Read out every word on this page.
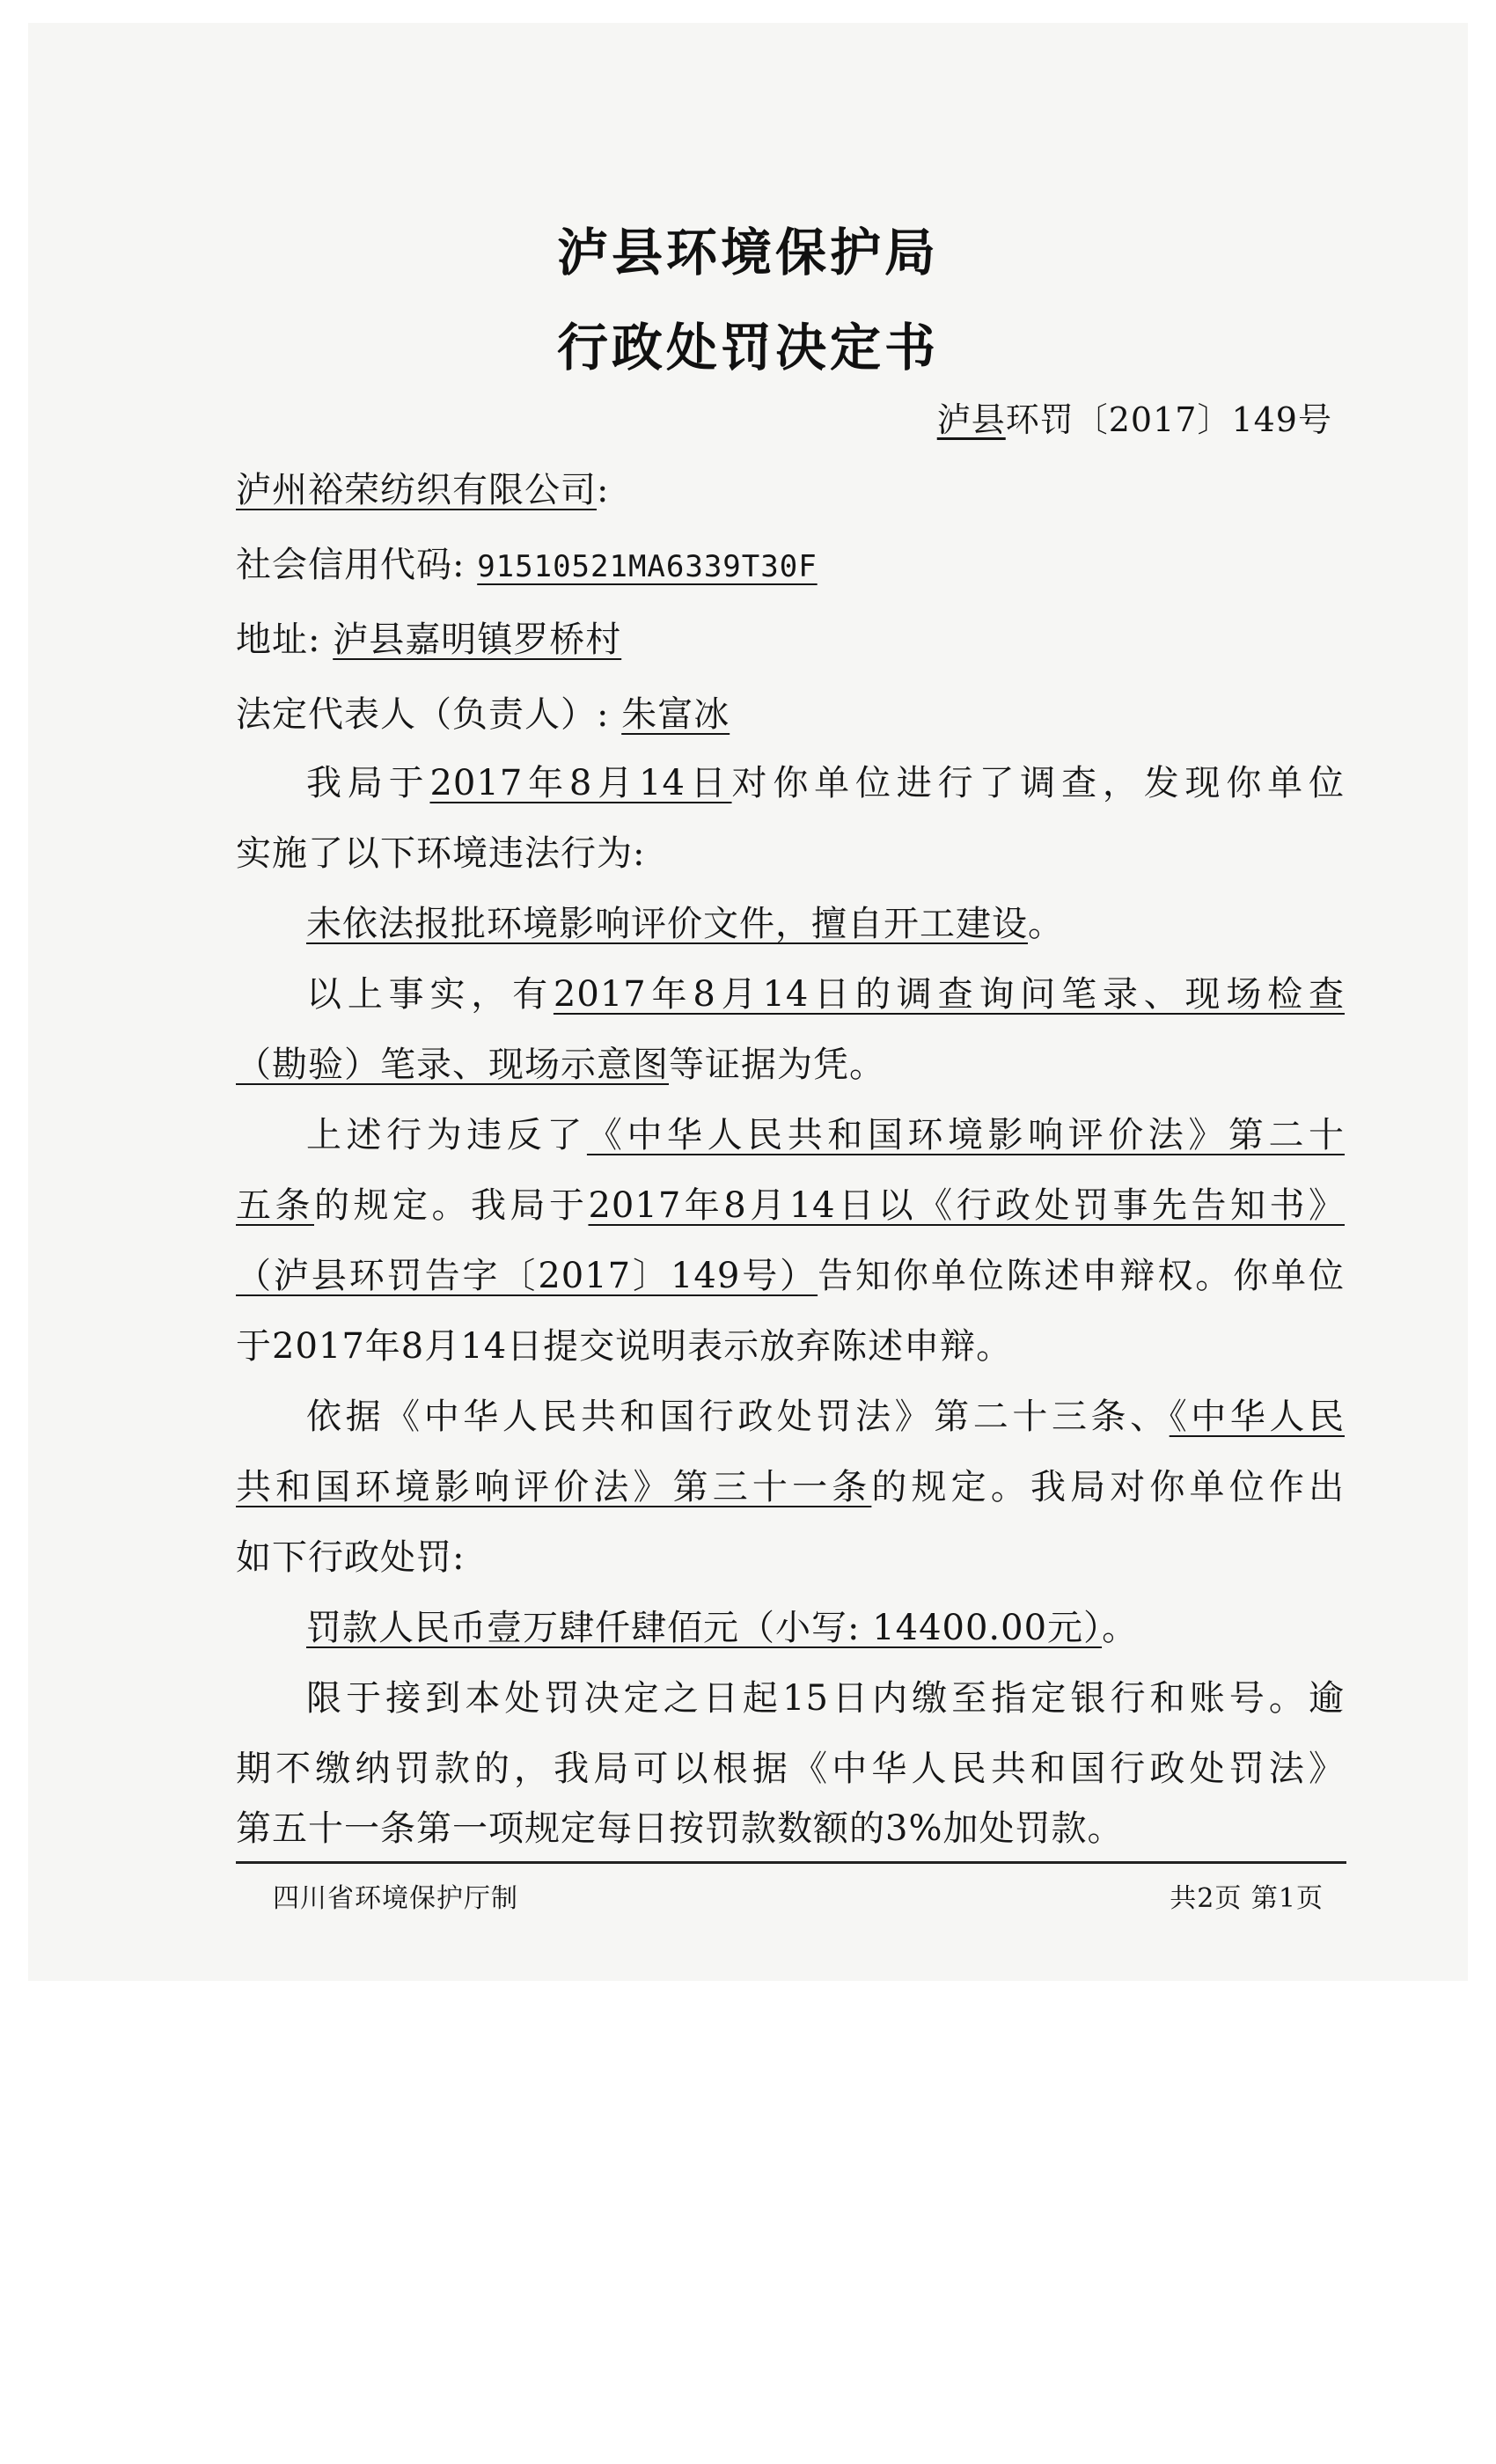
泸县环境保护局
行政处罚决定书
泸县环罚〔2017〕149号
泸州裕荣纺织有限公司:
社会信用代码: 91510521MA6339T30F
地址: 泸县嘉明镇罗桥村
法定代表人（负责人）: 朱富冰
我局于2017年8月14日对你单位进行了调查，发现你单位
实施了以下环境违法行为:
未依法报批环境影响评价文件，擅自开工建设。
以上事实，有2017年8月14日的调查询问笔录、现场检查
（勘验）笔录、现场示意图等证据为凭。
上述行为违反了《中华人民共和国环境影响评价法》第二十
五条的规定。我局于2017年8月14日以《行政处罚事先告知书》
（泸县环罚告字〔2017〕149号）告知你单位陈述申辩权。你单位
于2017年8月14日提交说明表示放弃陈述申辩。
依据《中华人民共和国行政处罚法》第二十三条、《中华人民
共和国环境影响评价法》第三十一条的规定。我局对你单位作出
如下行政处罚:
罚款人民币壹万肆仟肆佰元（小写: 14400.00元）。
限于接到本处罚决定之日起15日内缴至指定银行和账号。逾
四川省环境保护厅制	共2页 第1页
期不缴纳罚款的，我局可以根据《中华人民共和国行政处罚法》
第五十一条第一项规定每日按罚款数额的3%加处罚款。
